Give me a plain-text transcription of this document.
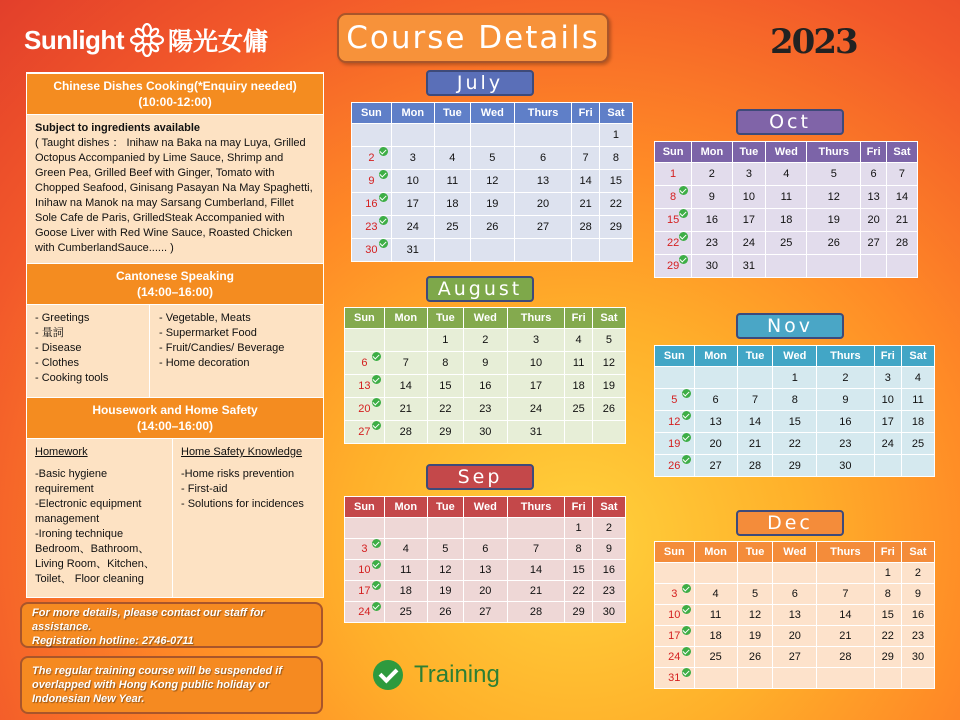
Sunlight 陽光女傭	Course Details	2023
Chinese Dishes Cooking(*Enquiry needed)
(10:00-12:00)
Subject to ingredients available
( Taught dishes ： Inihaw na Baka na may Luya, Grilled Octopus Accompanied by Lime Sauce, Shrimp and Green Pea, Grilled Beef with Ginger, Tomato with Chopped Seafood, Ginisang Pasayan Na May Spaghetti, Inihaw na Manok na may Sarsang Cumberland, Fillet Sole Cafe de Paris, GrilledSteak Accompanied with Goose Liver with Red Wine Sauce, Roasted Chicken with CumberlandSauce...... )
Cantonese Speaking
(14:00–16:00)
- Greetings
- 量詞
- Disease
- Clothes
- Cooking tools
- Vegetable, Meats
- Supermarket Food
- Fruit/Candies/ Beverage
- Home decoration
Housework and Home Safety
(14:00–16:00)
Homework
-Basic hygiene requirement
-Electronic equipment management
-Ironing technique
Bedroom、Bathroom、Living Room、Kitchen、Toilet、 Floor cleaning
Home Safety Knowledge
-Home risks prevention
- First-aid
- Solutions for incidences
For more details, please contact our staff for assistance.
Registration hotline: 2746-0711
The regular training course will be suspended if overlapped with Hong Kong public holiday or Indonesian New Year.
July
August
Sep
Oct
Nov
Dec
Sun	Mon	Tue	Wed	Thurs	Fri	Sat
						1
2	3	4	5	6	7	8
9	10	11	12	13	14	15
16	17	18	19	20	21	22
23	24	25	26	27	28	29
30	31					
Sun	Mon	Tue	Wed	Thurs	Fri	Sat
		1	2	3	4	5
6	7	8	9	10	11	12
13	14	15	16	17	18	19
20	21	22	23	24	25	26
27	28	29	30	31		
Sun	Mon	Tue	Wed	Thurs	Fri	Sat
					1	2
3	4	5	6	7	8	9
10	11	12	13	14	15	16
17	18	19	20	21	22	23
24	25	26	27	28	29	30
Sun	Mon	Tue	Wed	Thurs	Fri	Sat
1	2	3	4	5	6	7
8	9	10	11	12	13	14
15	16	17	18	19	20	21
22	23	24	25	26	27	28
29	30	31				
Sun	Mon	Tue	Wed	Thurs	Fri	Sat
			1	2	3	4
5	6	7	8	9	10	11
12	13	14	15	16	17	18
19	20	21	22	23	24	25
26	27	28	29	30		
Sun	Mon	Tue	Wed	Thurs	Fri	Sat
					1	2
3	4	5	6	7	8	9
10	11	12	13	14	15	16
17	18	19	20	21	22	23
24	25	26	27	28	29	30
31

Training
